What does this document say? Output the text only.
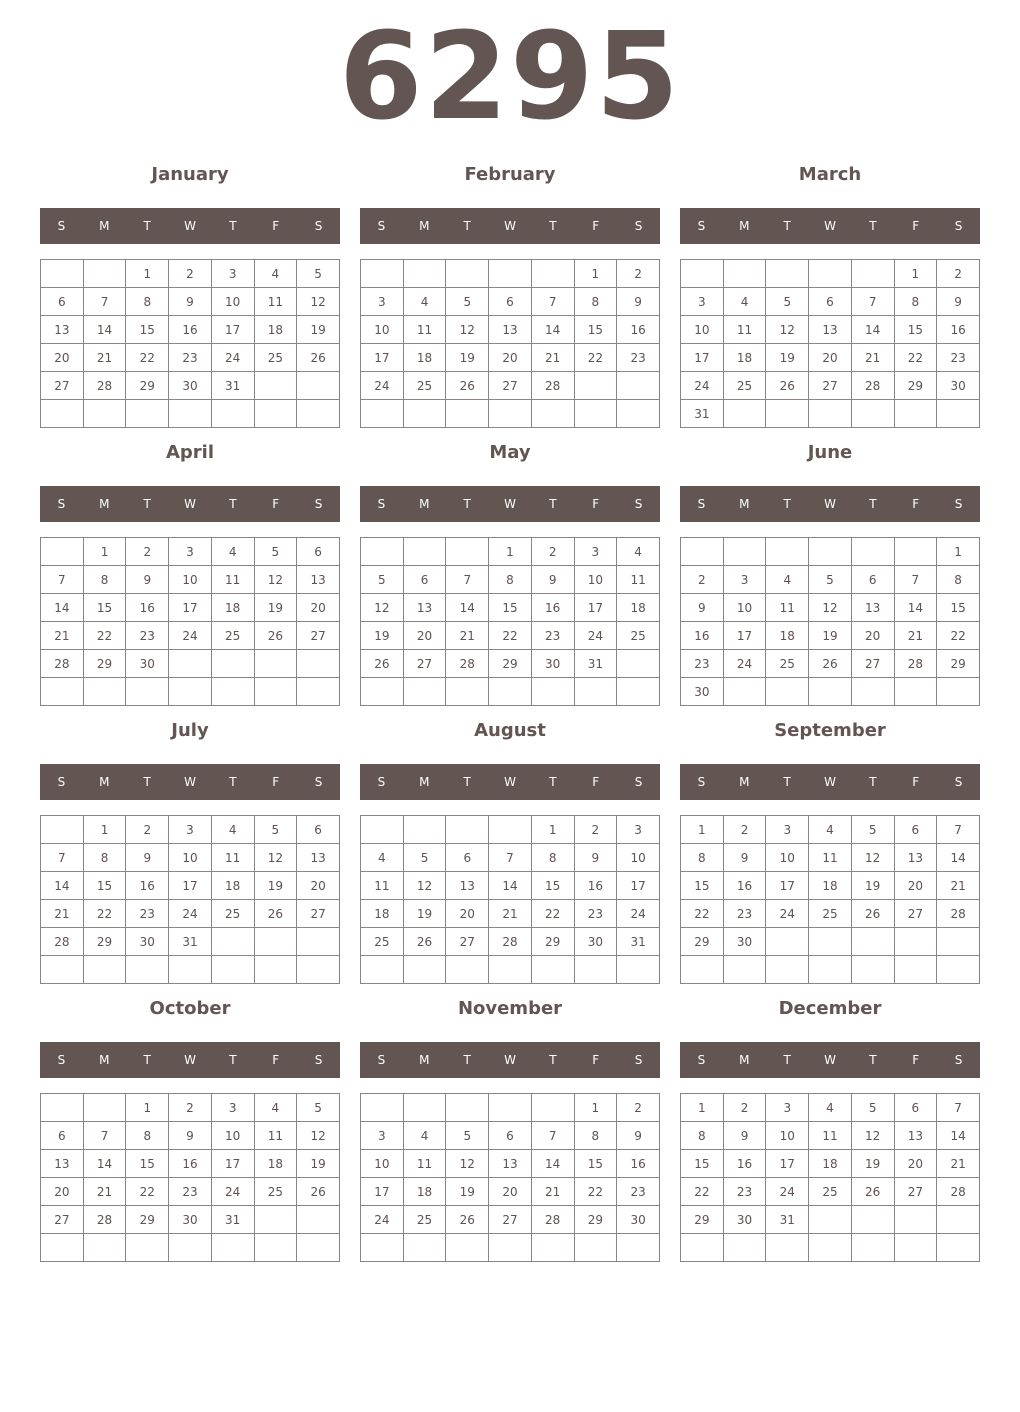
6295
January
S	M	T	W	T	F	S
		1	2	3	4	5
6	7	8	9	10	11	12
13	14	15	16	17	18	19
20	21	22	23	24	25	26
27	28	29	30	31		

February
S	M	T	W	T	F	S
					1	2
3	4	5	6	7	8	9
10	11	12	13	14	15	16
17	18	19	20	21	22	23
24	25	26	27	28		

March
S	M	T	W	T	F	S
					1	2
3	4	5	6	7	8	9
10	11	12	13	14	15	16
17	18	19	20	21	22	23
24	25	26	27	28	29	30
31						
April
S	M	T	W	T	F	S
	1	2	3	4	5	6
7	8	9	10	11	12	13
14	15	16	17	18	19	20
21	22	23	24	25	26	27
28	29	30				

May
S	M	T	W	T	F	S
			1	2	3	4
5	6	7	8	9	10	11
12	13	14	15	16	17	18
19	20	21	22	23	24	25
26	27	28	29	30	31	

June
S	M	T	W	T	F	S
						1
2	3	4	5	6	7	8
9	10	11	12	13	14	15
16	17	18	19	20	21	22
23	24	25	26	27	28	29
30						
July
S	M	T	W	T	F	S
	1	2	3	4	5	6
7	8	9	10	11	12	13
14	15	16	17	18	19	20
21	22	23	24	25	26	27
28	29	30	31			

August
S	M	T	W	T	F	S
				1	2	3
4	5	6	7	8	9	10
11	12	13	14	15	16	17
18	19	20	21	22	23	24
25	26	27	28	29	30	31

September
S	M	T	W	T	F	S
1	2	3	4	5	6	7
8	9	10	11	12	13	14
15	16	17	18	19	20	21
22	23	24	25	26	27	28
29	30					

October
S	M	T	W	T	F	S
		1	2	3	4	5
6	7	8	9	10	11	12
13	14	15	16	17	18	19
20	21	22	23	24	25	26
27	28	29	30	31		

November
S	M	T	W	T	F	S
					1	2
3	4	5	6	7	8	9
10	11	12	13	14	15	16
17	18	19	20	21	22	23
24	25	26	27	28	29	30

December
S	M	T	W	T	F	S
1	2	3	4	5	6	7
8	9	10	11	12	13	14
15	16	17	18	19	20	21
22	23	24	25	26	27	28
29	30	31				
